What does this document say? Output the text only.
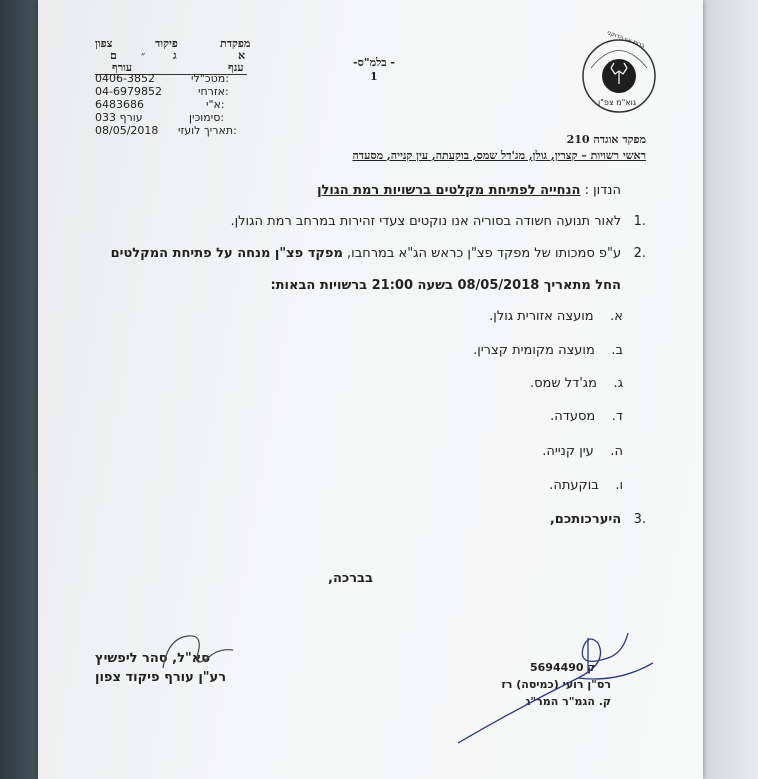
מפקדת
פיקוד
צפון
א
ג
״
ם
ענף
עורף
מטכ"לי:
0406-3852
אזרחי:
04-6979852
א"י:
6483686
סימוכין:
עורף 033
תאריך לועזי:
08/05/2018
-בלמ"ס -
1
בבית אוי הדוקני
גוא"מ צפ"ן
מפקד אוגדה 210
ראשי רשויות – קצרין, גולן, מג'דל שמס, בוקעתה, עין קנייה, מסעדה
הנדון : הנחייה לפתיחת מקלטים ברשויות רמת הגולן
.1   לאור תנועה חשודה בסוריה אנו נוקטים צעדי זהירות במרחב רמת הגולן.
.2   ע"פ סמכותו של מפקד פצ"ן כראש הג"א במרחבו, מפקד פצ"ן מנחה על פתיחת המקלטים
החל מתאריך 08/05/2018 בשעה 21:00 ברשויות הבאות:
א.    מועצה אזורית גולן.
ב.    מועצה מקומית קצרין.
ג.    מג'דל שמס.
ד.    מסעדה.
ה.    עין קנייה.
ו.    בוקעתה.
.3   היערכותכם,
בברכה,
סא"ל, סהר ליפשיץ
רע"ן עורף פיקוד צפון
5694490 ק
רס"ן רועי (כמיסה) רז
ק. הגמ"ר המר"ג
